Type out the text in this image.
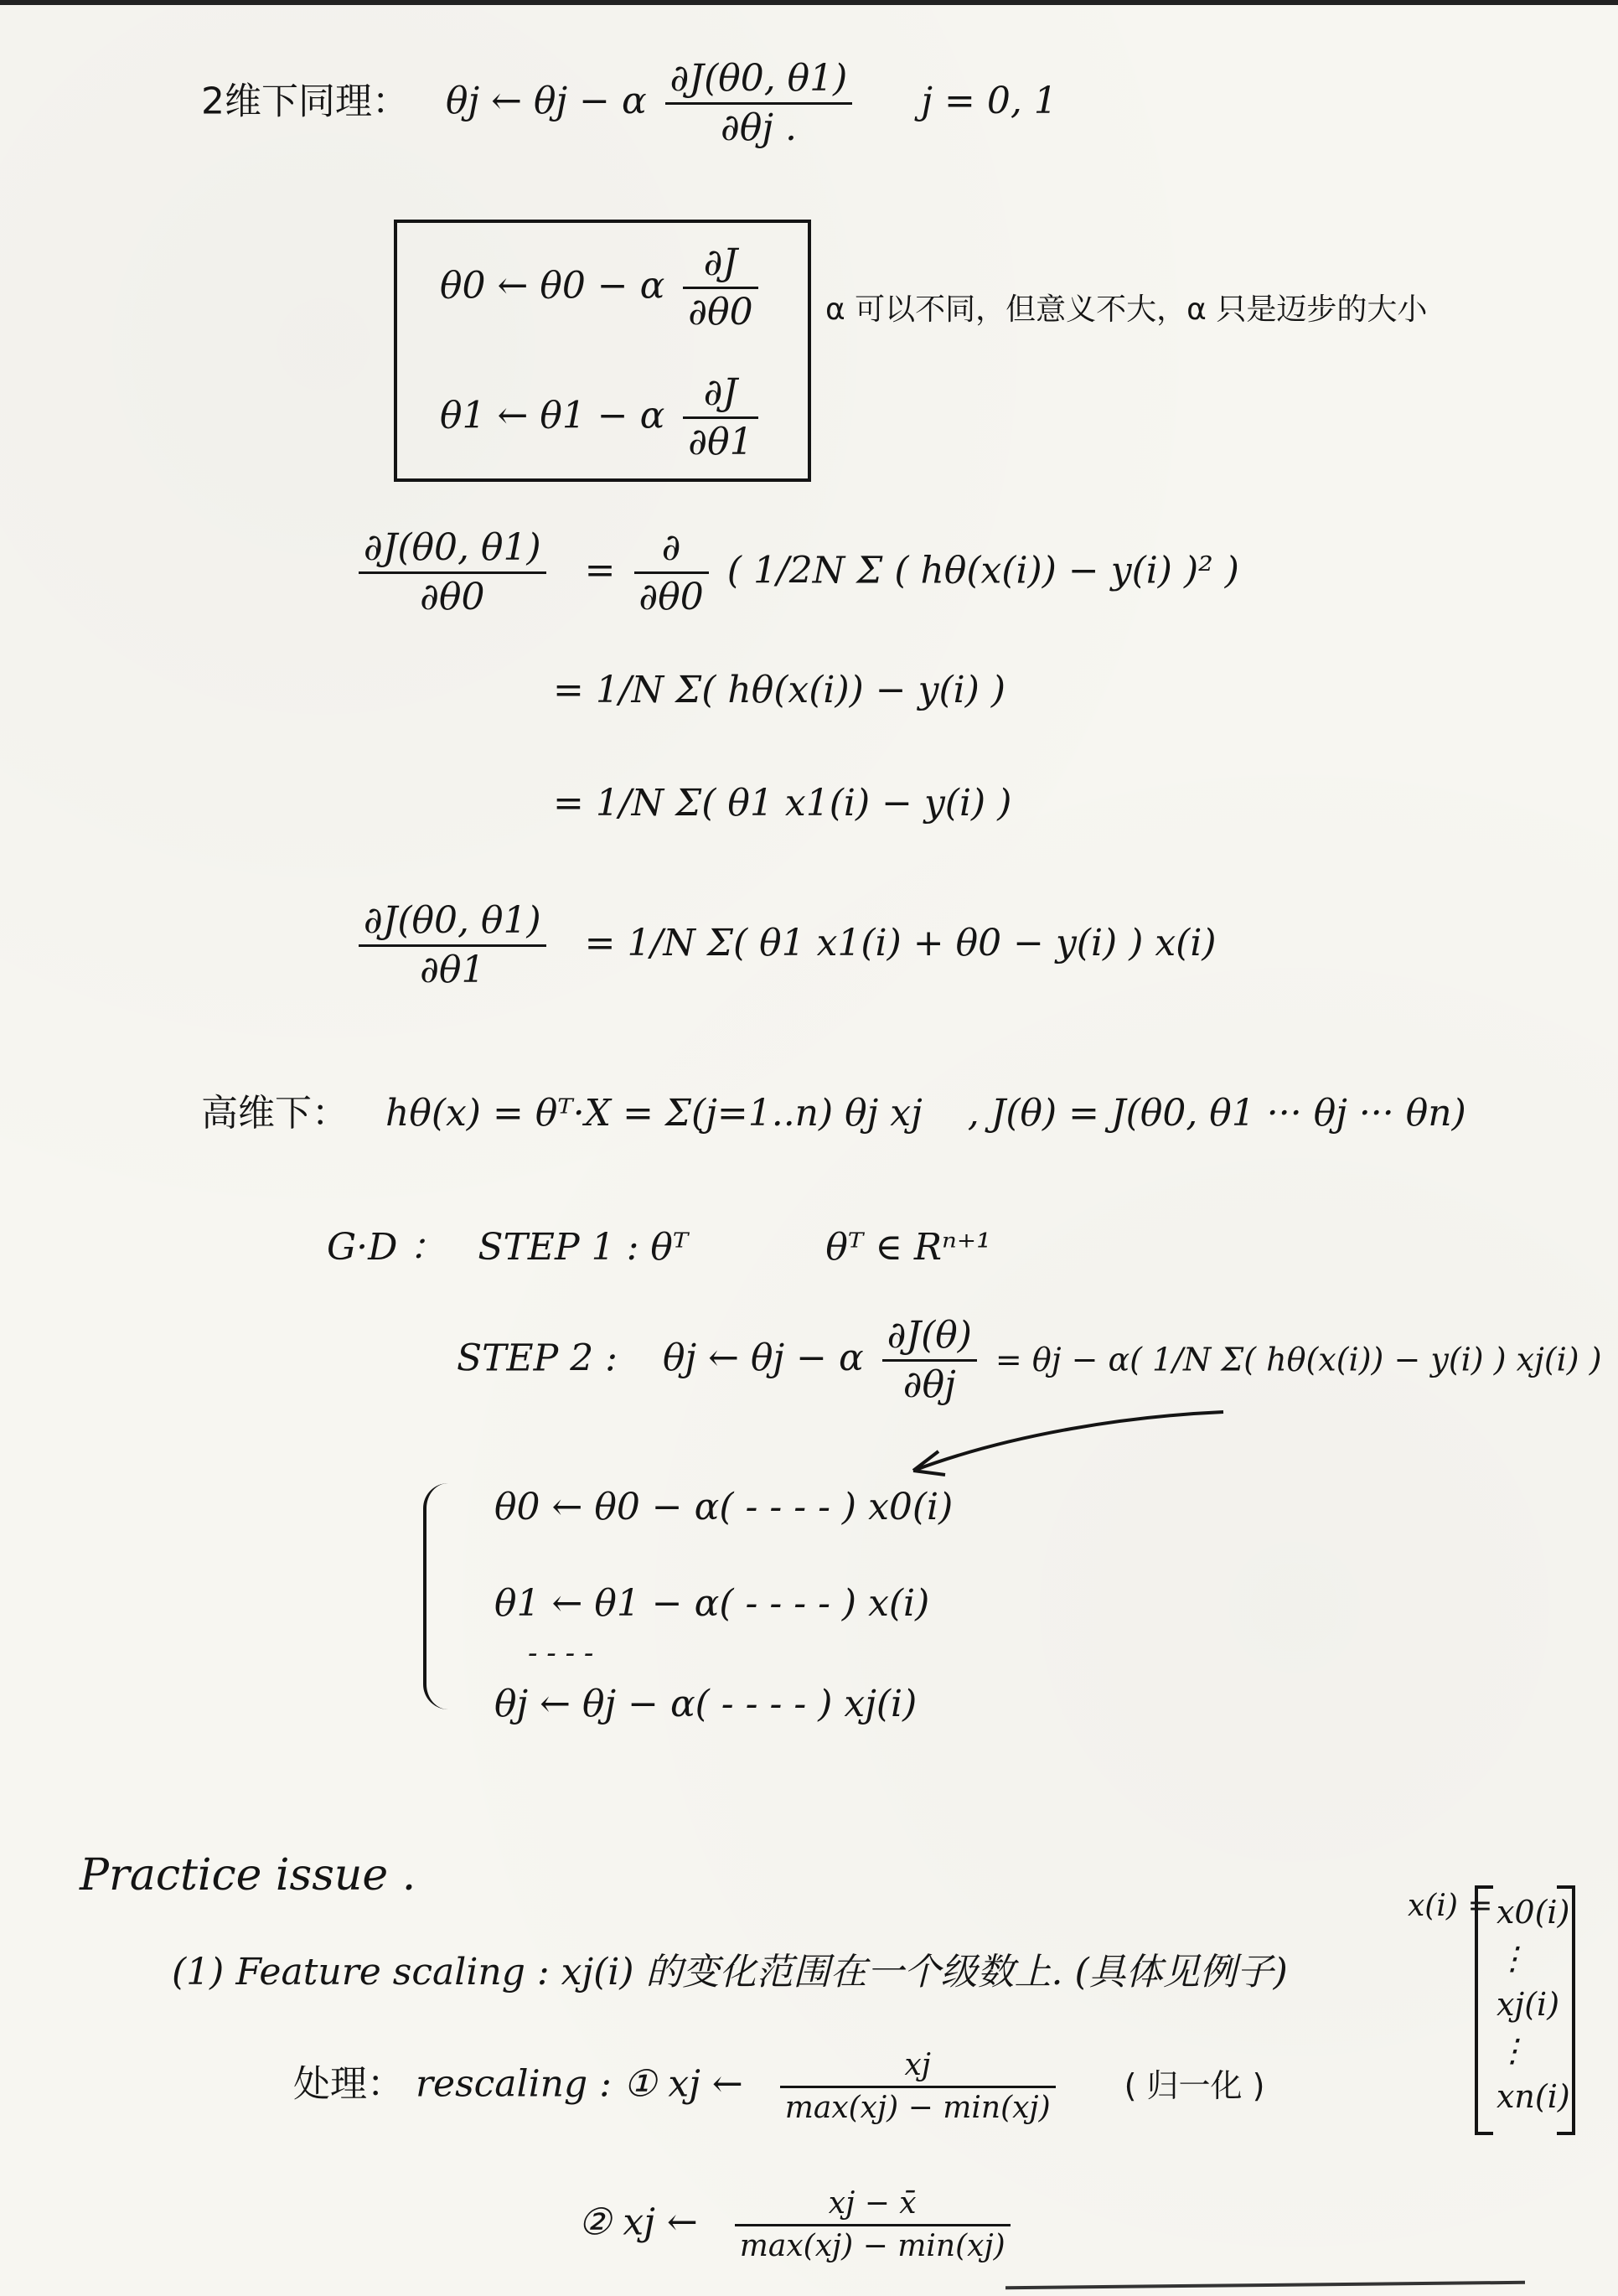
2维下同理： θj ← θj − α $\frac{\partial J(\theta 0, \theta 1)}{\partial\theta j .}$ j = 0, 1
θ0 ← θ0 − α $\frac{\partial J}{\partial\theta 0}$
θ1 ← θ1 − α $\frac{\partial J}{\partial\theta 1}$
α 可以不同，但意义不大，α 只是迈步的大小
$\frac{\partial J(\theta 0, \theta 1)}{\partial\theta 0} = \frac{\partial}{\partial\theta 0}$ ( 1/2N Σ ( hθ(x(i)) − y(i) )² )
= 1/N Σ( hθ(x(i)) − y(i) )
= 1/N Σ( θ1 x1(i) − y(i) )
$\frac{\partial J(\theta 0, \theta 1)}{\partial\theta 1} = 1/N$ Σ( θ1 x1(i) + θ0 − y(i) ) x(i)
高维下： hθ(x) = θᵀ·X = Σ(j=1..n) θj xj , J(θ) = J(θ0, θ1 ··· θj ··· θn)
G·D ： STEP 1 : θᵀ	θᵀ ∈ Rⁿ⁺¹
STEP 2 : θj ← θj − α $\frac{\partial J(\theta)}{\partial\theta j} = \theta j - \alpha$( 1/N Σ( hθ(x(i)) − y(i) ) xj(i) )
θ0 ← θ0 − α( - - - - ) x0(i)
θ1 ← θ1 − α( - - - - ) x(i)
- - - -
θj ← θj − α( - - - - ) xj(i)
Practice issue .
(1) Feature scaling : xj(i) 的变化范围在一个级数上. (具体见例子)
处理： rescaling : ① xj ← $\frac{xj}{\max(xj) - \min(xj)}$ ( 归一化 )
② xj ← $\frac{xj - x̄}{\max(xj) - \min(xj)}$
x(i) = x0(i)
⋮
xj(i)
⋮
xn(i)
